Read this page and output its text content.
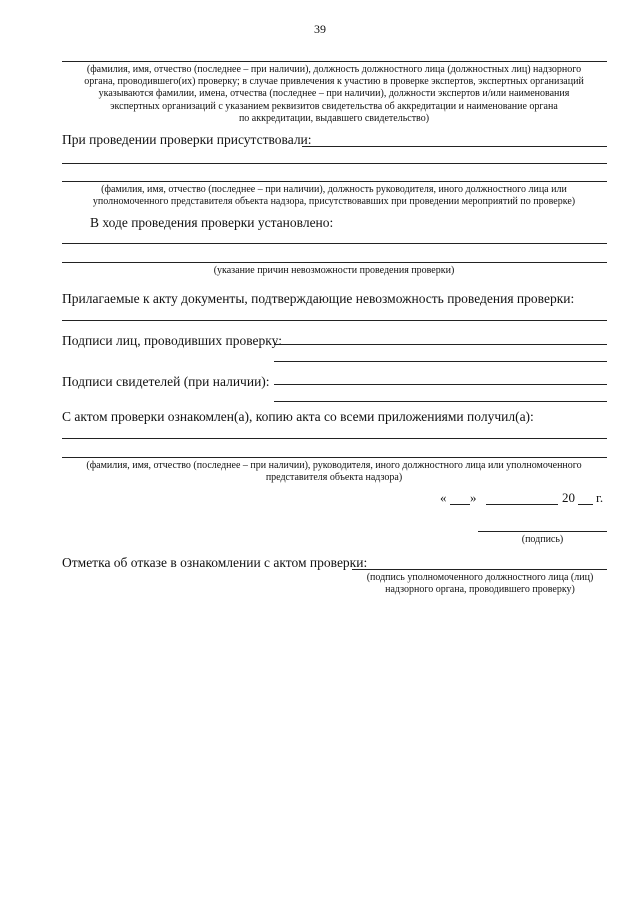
39
(фамилия, имя, отчество (последнее – при наличии), должность должностного лица (должностных лиц) надзорного
органа, проводившего(их) проверку; в случае привлечения к участию в проверке экспертов, экспертных организаций
указываются фамилии, имена, отчества (последнее – при наличии), должности экспертов и/или наименования
экспертных организаций с указанием реквизитов свидетельства об аккредитации и наименование органа
по аккредитации, выдавшего свидетельство)
При проведении проверки присутствовали:
(фамилия, имя, отчество (последнее – при наличии), должность руководителя, иного должностного лица или
уполномоченного представителя объекта надзора, присутствовавших при проведении мероприятий по проверке)
В ходе проведения проверки установлено:
(указание причин невозможности проведения проверки)
Прилагаемые к акту документы, подтверждающие невозможность проведения проверки:
Подписи лиц, проводивших проверку:
Подписи свидетелей (при наличии):
С актом проверки ознакомлен(а), копию акта со всеми приложениями получил(а):
(фамилия, имя, отчество (последнее – при наличии), руководителя, иного должностного лица или уполномоченного
представителя объекта надзора)
« »	20 г.
(подпись)
Отметка об отказе в ознакомлении с актом проверки:
(подпись уполномоченного должностного лица (лиц)
надзорного органа, проводившего проверку)
